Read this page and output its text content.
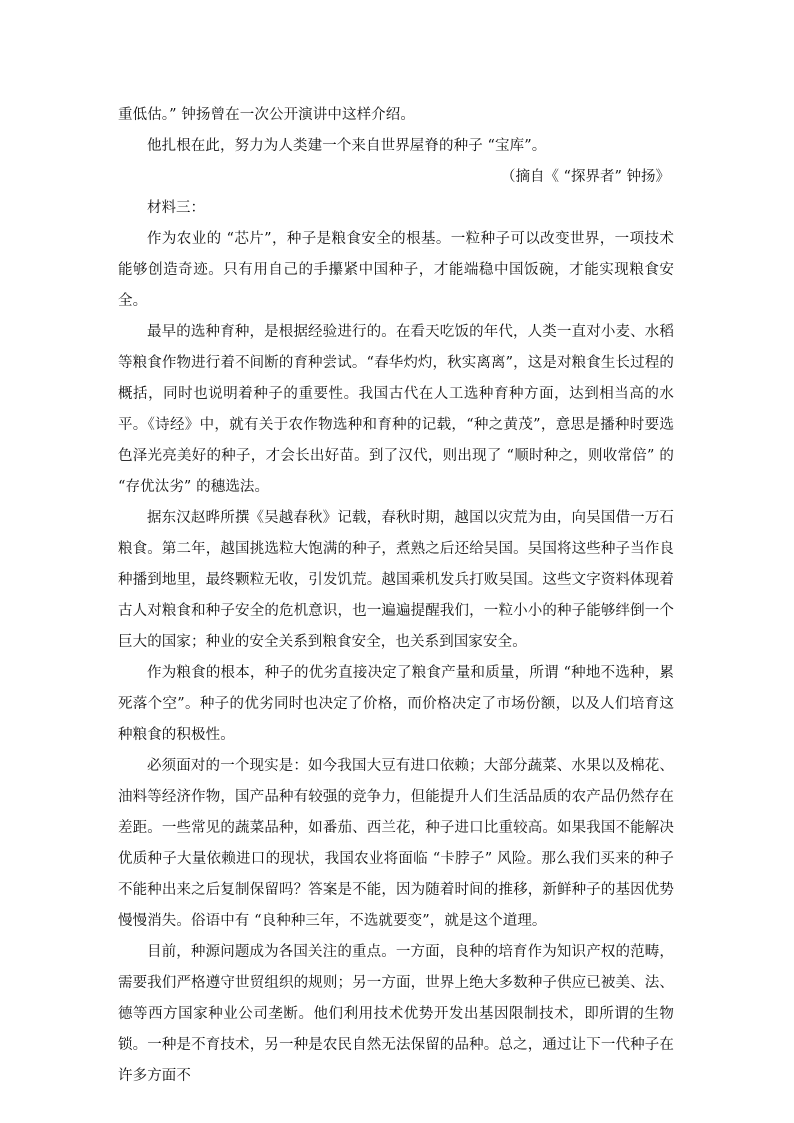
重低估。” 钟扬曾在一次公开演讲中这样介绍。

他扎根在此，努力为人类建一个来自世界屋脊的种子 “宝库”。

（摘自《 “探界者” 钟扬》

材料三：

作为农业的 “芯片”，种子是粮食安全的根基。一粒种子可以改变世界，一项技术能够创造奇迹。只有用自己的手攥紧中国种子，才能端稳中国饭碗，才能实现粮食安全。

最早的选种育种，是根据经验进行的。在看天吃饭的年代，人类一直对小麦、水稻等粮食作物进行着不间断的育种尝试。“春华灼灼，秋实离离”，这是对粮食生长过程的概括，同时也说明着种子的重要性。我国古代在人工选种育种方面，达到相当高的水平。《诗经》中，就有关于农作物选种和育种的记载，“种之黄茂”，意思是播种时要选色泽光亮美好的种子，才会长出好苗。到了汉代，则出现了 “顺时种之，则收常倍” 的 “存优汰劣” 的穗选法。

据东汉赵晔所撰《吴越春秋》记载，春秋时期，越国以灾荒为由，向吴国借一万石粮食。第二年，越国挑选粒大饱满的种子，煮熟之后还给吴国。吴国将这些种子当作良种播到地里，最终颗粒无收，引发饥荒。越国乘机发兵打败吴国。这些文字资料体现着古人对粮食和种子安全的危机意识，也一遍遍提醒我们，一粒小小的种子能够绊倒一个巨大的国家；种业的安全关系到粮食安全，也关系到国家安全。

作为粮食的根本，种子的优劣直接决定了粮食产量和质量，所谓 “种地不选种，累死落个空”。种子的优劣同时也决定了价格，而价格决定了市场份额，以及人们培育这种粮食的积极性。

必须面对的一个现实是：如今我国大豆有进口依赖；大部分蔬菜、水果以及棉花、油料等经济作物，国产品种有较强的竞争力，但能提升人们生活品质的农产品仍然存在差距。一些常见的蔬菜品种，如番茄、西兰花，种子进口比重较高。如果我国不能解决优质种子大量依赖进口的现状，我国农业将面临 “卡脖子” 风险。那么我们买来的种子不能种出来之后复制保留吗？答案是不能，因为随着时间的推移，新鲜种子的基因优势慢慢消失。俗语中有 “良种种三年，不选就要变”，就是这个道理。

目前，种源问题成为各国关注的重点。一方面，良种的培育作为知识产权的范畴，需要我们严格遵守世贸组织的规则；另一方面，世界上绝大多数种子供应已被美、法、德等西方国家种业公司垄断。他们利用技术优势开发出基因限制技术，即所谓的生物锁。一种是不育技术，另一种是农民自然无法保留的品种。总之，通过让下一代种子在许多方面不
